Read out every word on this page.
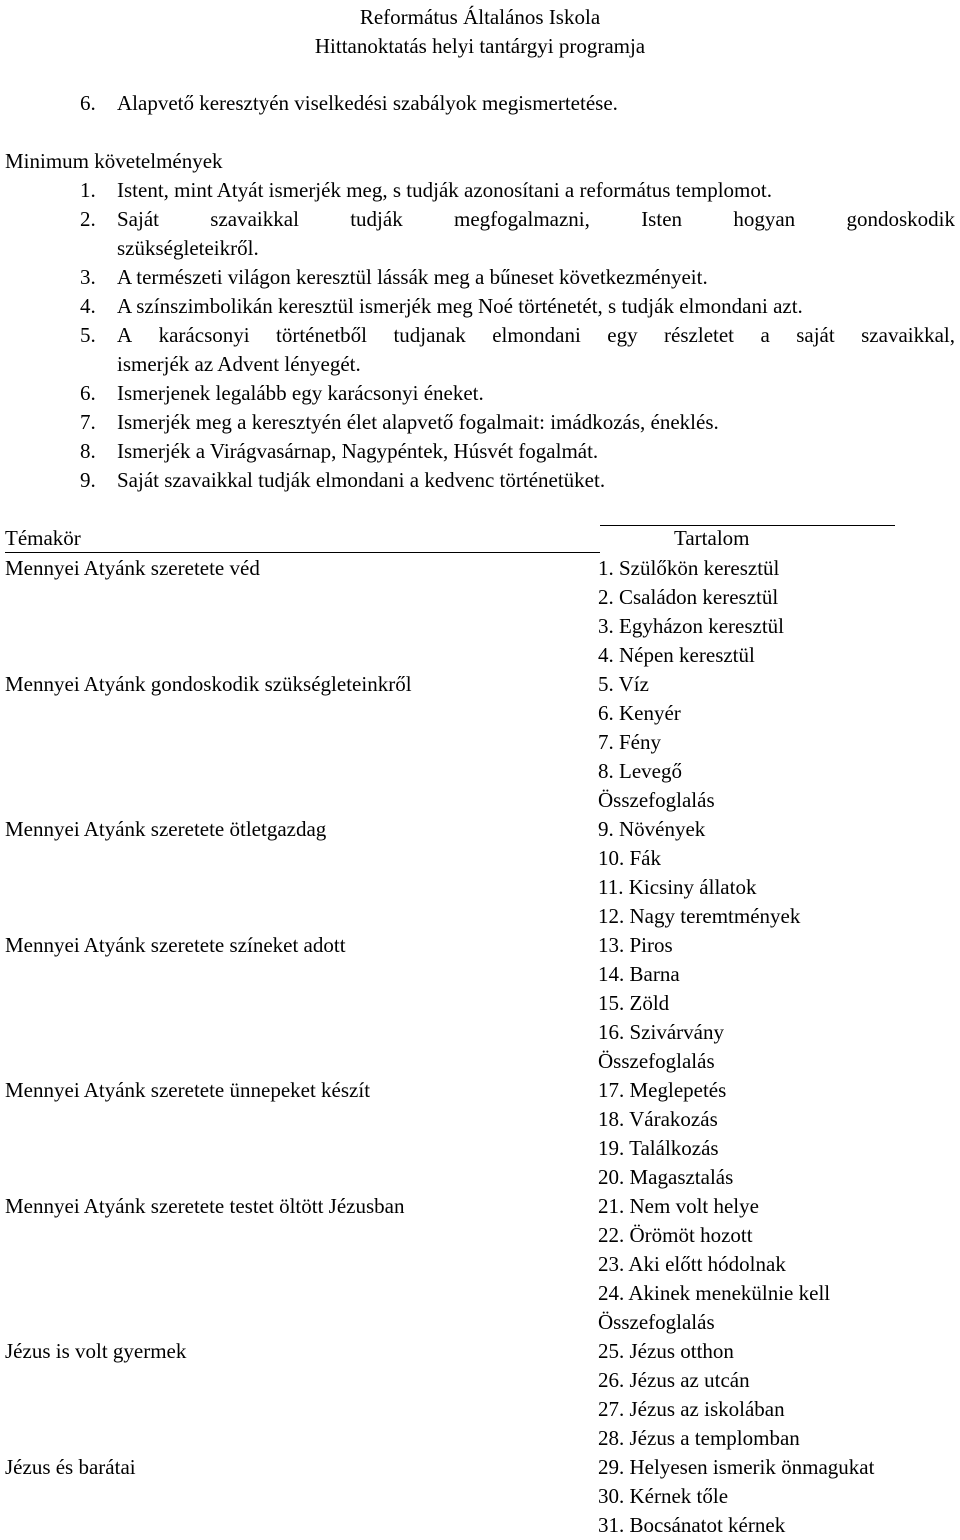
Református Általános Iskola
Hittanoktatás helyi tantárgyi programja
6. Alapvető keresztyén viselkedési szabályok megismertetése.
Minimum követelmények
1. Istent, mint Atyát ismerjék meg, s tudják azonosítani a református templomot.
2. Saját szavaikkal tudják megfogalmazni, Isten hogyan gondoskodik
szükségleteikről.
3. A természeti világon keresztül lássák meg a bűneset következményeit.
4. A színszimbolikán keresztül ismerjék meg Noé történetét, s tudják elmondani azt.
5. A karácsonyi történetből tudjanak elmondani egy részletet a saját szavaikkal,
ismerjék az Advent lényegét.
6. Ismerjenek legalább egy karácsonyi éneket.
7. Ismerjék meg a keresztyén élet alapvető fogalmait: imádkozás, éneklés.
8. Ismerjék a Virágvasárnap, Nagypéntek, Húsvét fogalmát.
9. Saját szavaikkal tudják elmondani a kedvenc történetüket.
Témakör	Tartalom
Mennyei Atyánk szeretete véd
Mennyei Atyánk gondoskodik szükségleteinkről
Mennyei Atyánk szeretete ötletgazdag
Mennyei Atyánk szeretete színeket adott
Mennyei Atyánk szeretete ünnepeket készít
Mennyei Atyánk szeretete testet öltött Jézusban
Jézus is volt gyermek
Jézus és barátai
1. Szülőkön keresztül
2. Családon keresztül
3. Egyházon keresztül
4. Népen keresztül
5. Víz
6. Kenyér
7. Fény
8. Levegő
Összefoglalás
9. Növények
10. Fák
11. Kicsiny állatok
12. Nagy teremtmények
13. Piros
14. Barna
15. Zöld
16. Szivárvány
Összefoglalás
17. Meglepetés
18. Várakozás
19. Találkozás
20. Magasztalás
21. Nem volt helye
22. Örömöt hozott
23. Aki előtt hódolnak
24. Akinek menekülnie kell
Összefoglalás
25. Jézus otthon
26. Jézus az utcán
27. Jézus az iskolában
28. Jézus a templomban
29. Helyesen ismerik önmagukat
30. Kérnek tőle
31. Bocsánatot kérnek
